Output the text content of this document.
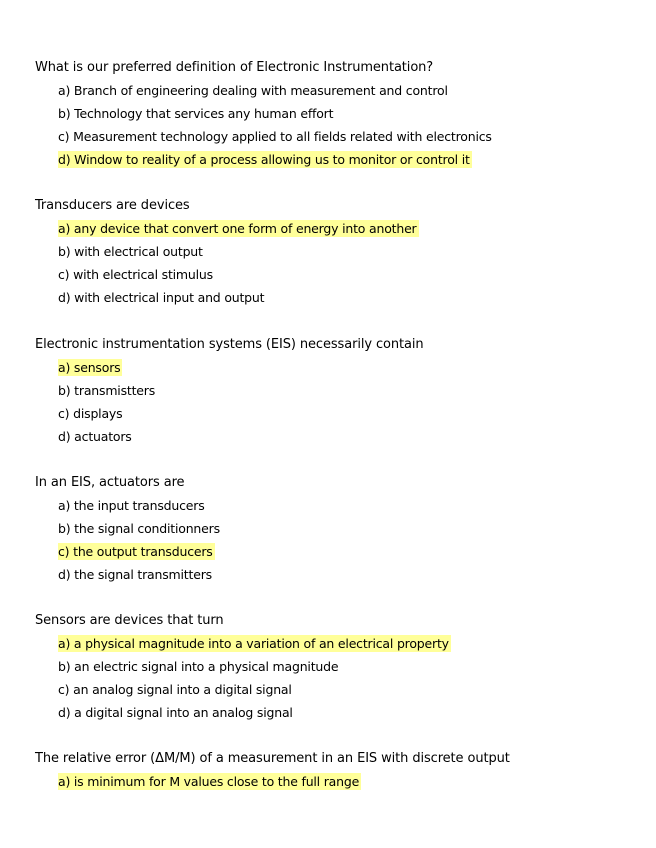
What is our preferred definition of Electronic Instrumentation?
a) Branch of engineering dealing with measurement and control
b) Technology that services any human effort
c) Measurement technology applied to all fields related with electronics
d) Window to reality of a process allowing us to monitor or control it
Transducers are devices
a) any device that convert one form of energy into another
b) with electrical output
c) with electrical stimulus
d) with electrical input and output
Electronic instrumentation systems (EIS) necessarily contain
a) sensors
b) transmistters
c) displays
d) actuators
In an EIS, actuators are
a) the input transducers
b) the signal conditionners
c) the output transducers
d) the signal transmitters
Sensors are devices that turn
a) a physical magnitude into a variation of an electrical property
b) an electric signal into a physical magnitude
c) an analog signal into a digital signal
d) a digital signal into an analog signal
The relative error (ΔM/M) of a measurement in an EIS with discrete output
a) is minimum for M values close to the full range
